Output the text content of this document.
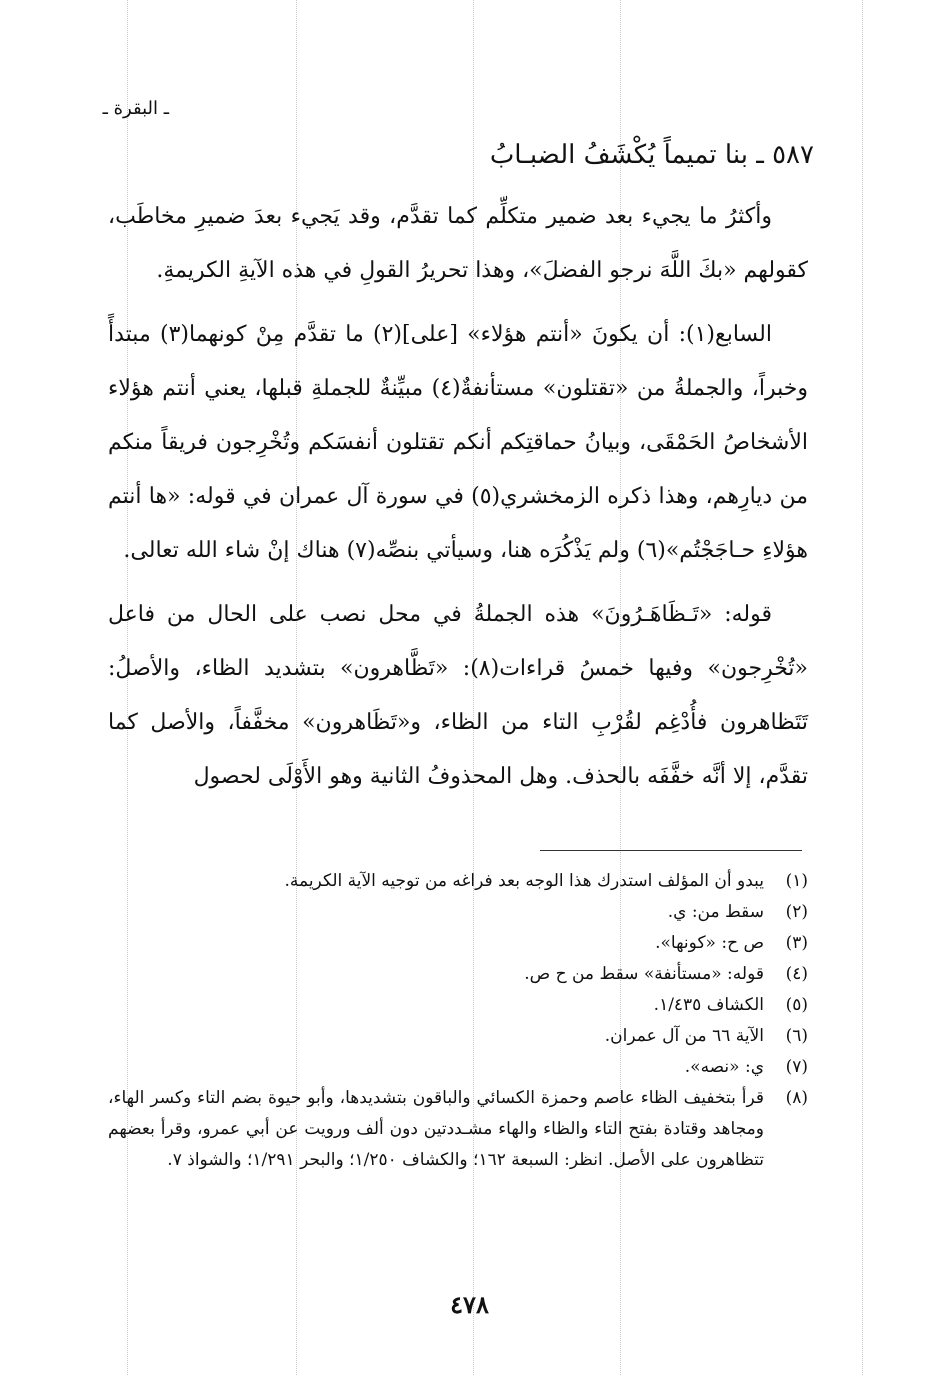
ـ البقرة ـ
٥٨٧ ـ بنا تميماً يُكْشَفُ الضبـابُ

وأكثرُ ما يجيء بعد ضمير متكلِّم كما تقدَّم، وقد يَجيء بعدَ ضميرِ مخاطَب، كقولهم «بكَ اللَّهَ نرجو الفضلَ»، وهذا تحريرُ القولِ في هذه الآيةِ الكريمةِ.

السابع(١): أن يكونَ «أنتم هؤلاء» [على](٢) ما تقدَّم مِنْ كونهما(٣) مبتدأً وخبراً، والجملةُ من «تقتلون» مستأنفةٌ(٤) مبيِّنةٌ للجملةِ قبلها، يعني أنتم هؤلاء الأشخاصُ الحَمْقَى، وبيانُ حماقتِكم أنكم تقتلون أنفسَكم وتُخْرِجون فريقاً منكم من ديارِهم، وهذا ذكره الزمخشري(٥) في سورة آل عمران في قوله: «ها أنتم هؤلاءِ حـاجَجْتُم»(٦) ولم يَذْكُرَه هنا، وسيأتي بنصِّه(٧) هناك إنْ شاء الله تعالى.

قوله: «تَـظَاهَـرُونَ» هذه الجملةُ في محل نصب على الحال من فاعل «تُخْرِجون» وفيها خمسُ قراءات(٨): «تَظَّاهرون» بتشديد الظاء، والأصلُ: تَتَظاهرون فأُدْغِم لقُرْبِ التاء من الظاء، و«تَظَاهرون» مخفَّفاً، والأصل كما تقدَّم، إلا أنَّه خفَّفَه بالحذف. وهل المحذوفُ الثانية وهو الأَوْلَى لحصول

(١)
يبدو أن المؤلف استدرك هذا الوجه بعد فراغه من توجيه الآية الكريمة.
(٢)
سقط من: ي.
(٣)
ص ح: «كونها».
(٤)
قوله: «مستأنفة» سقط من ح ص.
(٥)
الكشاف ١/٤٣٥.
(٦)
الآية ٦٦ من آل عمران.
(٧)
ي: «نصه».
(٨)
قرأ بتخفيف الظاء عاصم وحمزة الكسائي والباقون بتشديدها، وأبو حيوة بضم التاء وكسر الهاء، ومجاهد وقتادة بفتح التاء والظاء والهاء مشـددتين دون ألف ورويت عن أبي عمرو، وقرأ بعضهم تتظاهرون على الأصل. انظر: السبعة ١٦٢؛ والكشاف ١/٢٥٠؛ والبحر ١/٢٩١؛ والشواذ ٧.
٤٧٨
